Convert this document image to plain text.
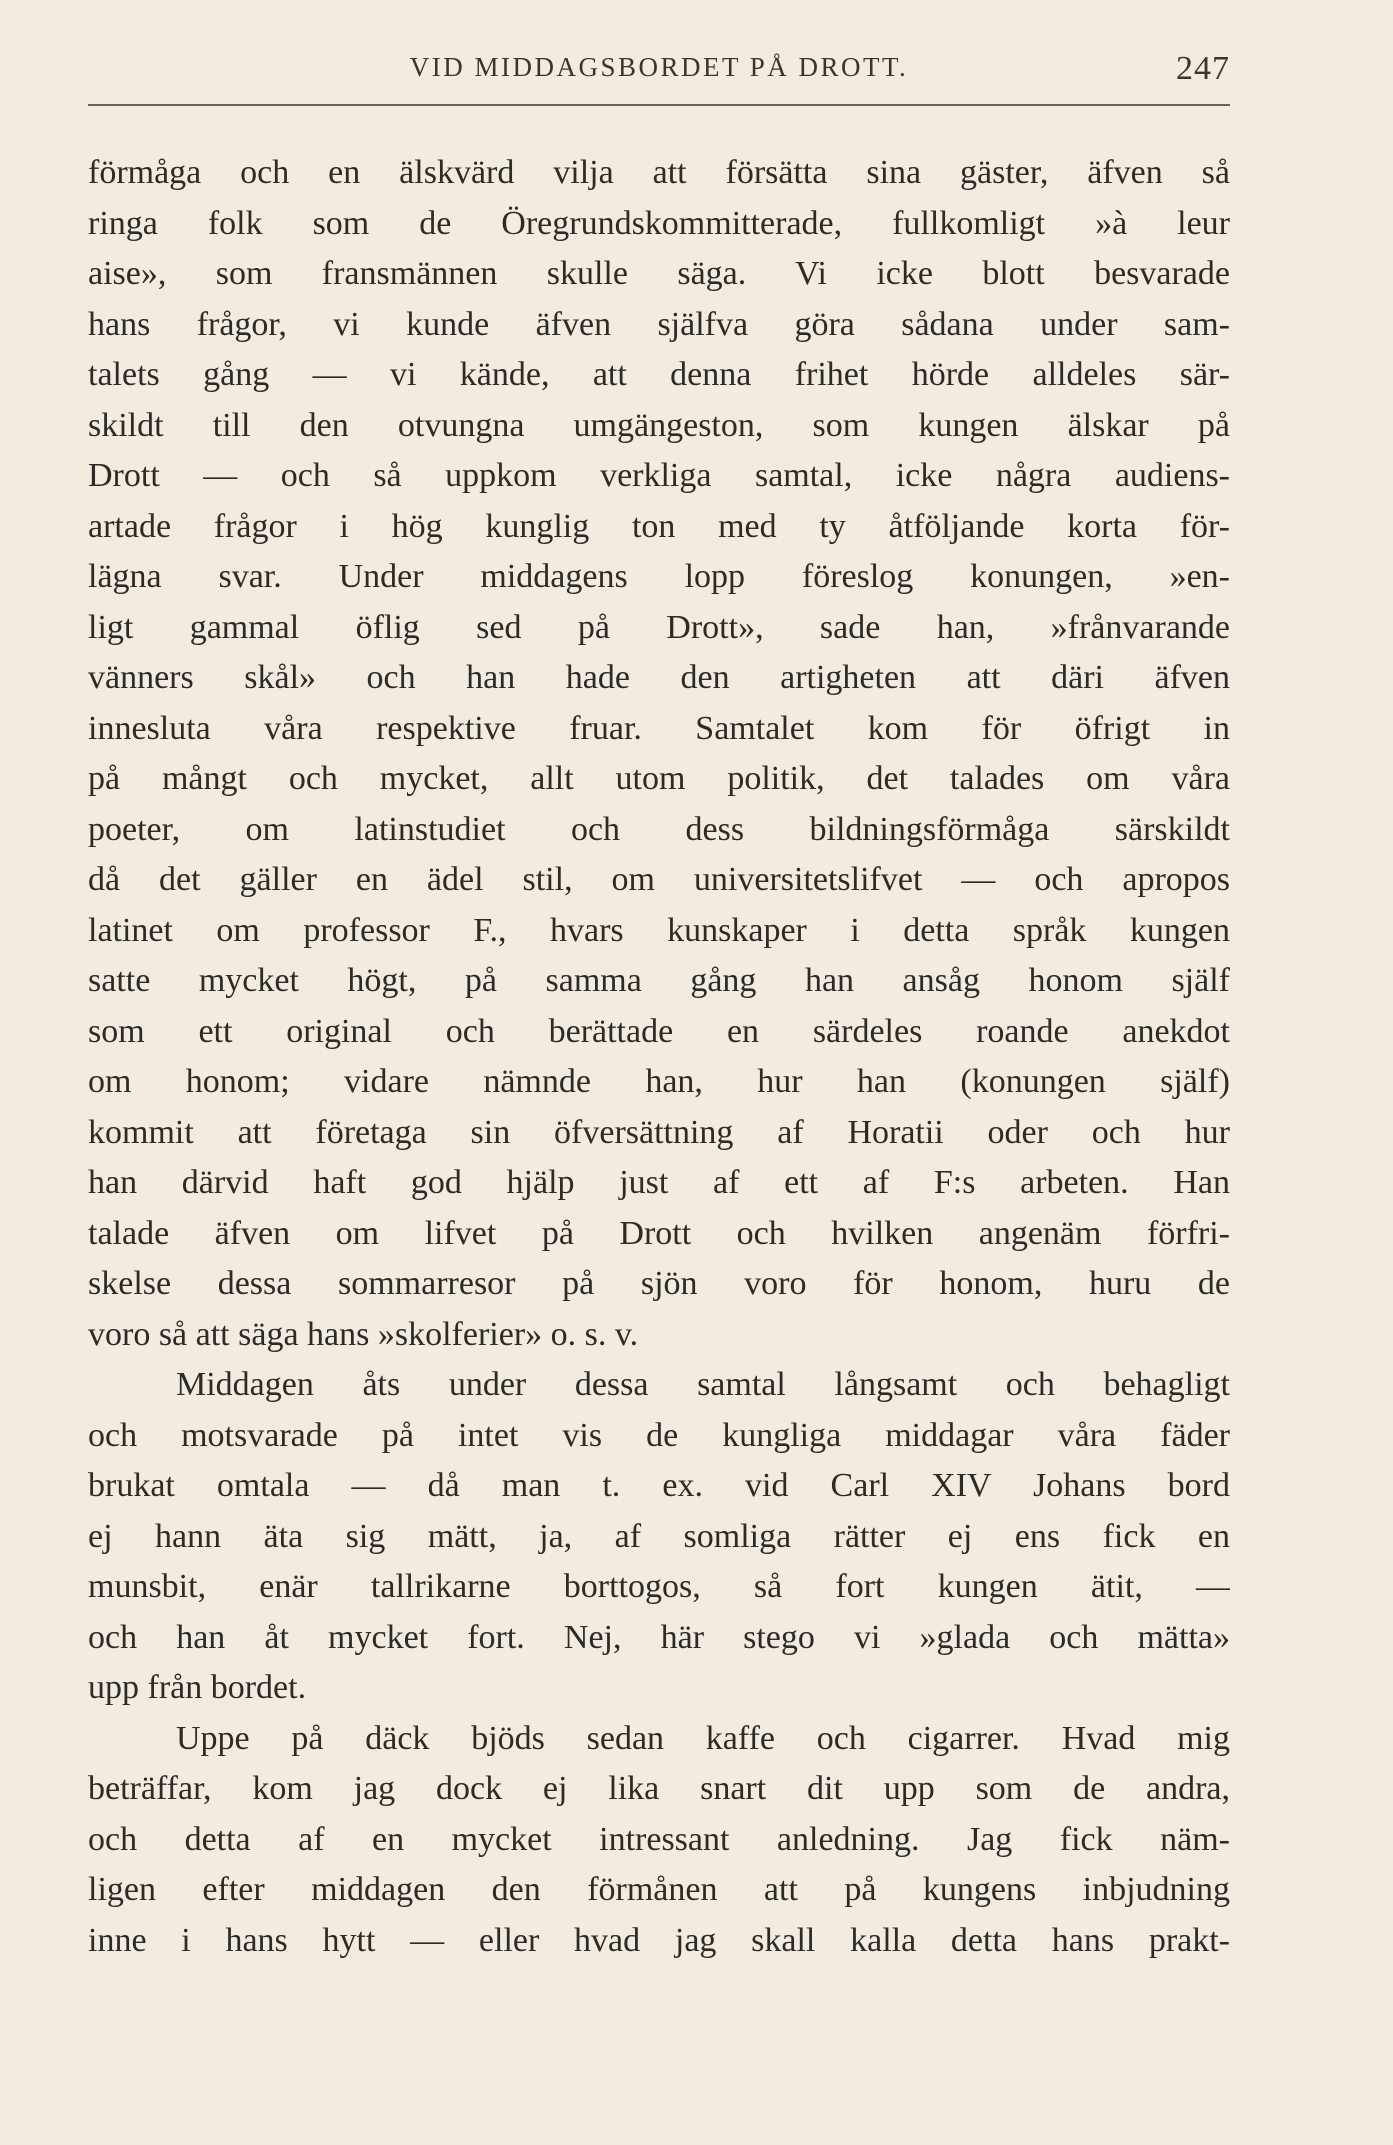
VID MIDDAGSBORDET PÅ DROTT.	247
förmåga och en älskvärd vilja att försätta sina gäster, äfven så
ringa folk som de Öregrundskommitterade, fullkomligt »à leur
aise», som fransmännen skulle säga. Vi icke blott besvarade
hans frågor, vi kunde äfven själfva göra sådana under sam-
talets gång — vi kände, att denna frihet hörde alldeles sär-
skildt till den otvungna umgängeston, som kungen älskar på
Drott — och så uppkom verkliga samtal, icke några audiens-
artade frågor i hög kunglig ton med ty åtföljande korta för-
lägna svar. Under middagens lopp föreslog konungen, »en-
ligt gammal öflig sed på Drott», sade han, »frånvarande
vänners skål» och han hade den artigheten att däri äfven
innesluta våra respektive fruar. Samtalet kom för öfrigt in
på mångt och mycket, allt utom politik, det talades om våra
poeter, om latinstudiet och dess bildningsförmåga särskildt
då det gäller en ädel stil, om universitetslifvet — och apropos
latinet om professor F., hvars kunskaper i detta språk kungen
satte mycket högt, på samma gång han ansåg honom själf
som ett original och berättade en särdeles roande anekdot
om honom; vidare nämnde han, hur han (konungen själf)
kommit att företaga sin öfversättning af Horatii oder och hur
han därvid haft god hjälp just af ett af F:s arbeten. Han
talade äfven om lifvet på Drott och hvilken angenäm förfri-
skelse dessa sommarresor på sjön voro för honom, huru de
voro så att säga hans »skolferier» o. s. v.
Middagen åts under dessa samtal långsamt och behagligt
och motsvarade på intet vis de kungliga middagar våra fäder
brukat omtala — då man t. ex. vid Carl XIV Johans bord
ej hann äta sig mätt, ja, af somliga rätter ej ens fick en
munsbit, enär tallrikarne borttogos, så fort kungen ätit, —
och han åt mycket fort. Nej, här stego vi »glada och mätta»
upp från bordet.
Uppe på däck bjöds sedan kaffe och cigarrer. Hvad mig
beträffar, kom jag dock ej lika snart dit upp som de andra,
och detta af en mycket intressant anledning. Jag fick näm-
ligen efter middagen den förmånen att på kungens inbjudning
inne i hans hytt — eller hvad jag skall kalla detta hans prakt-
